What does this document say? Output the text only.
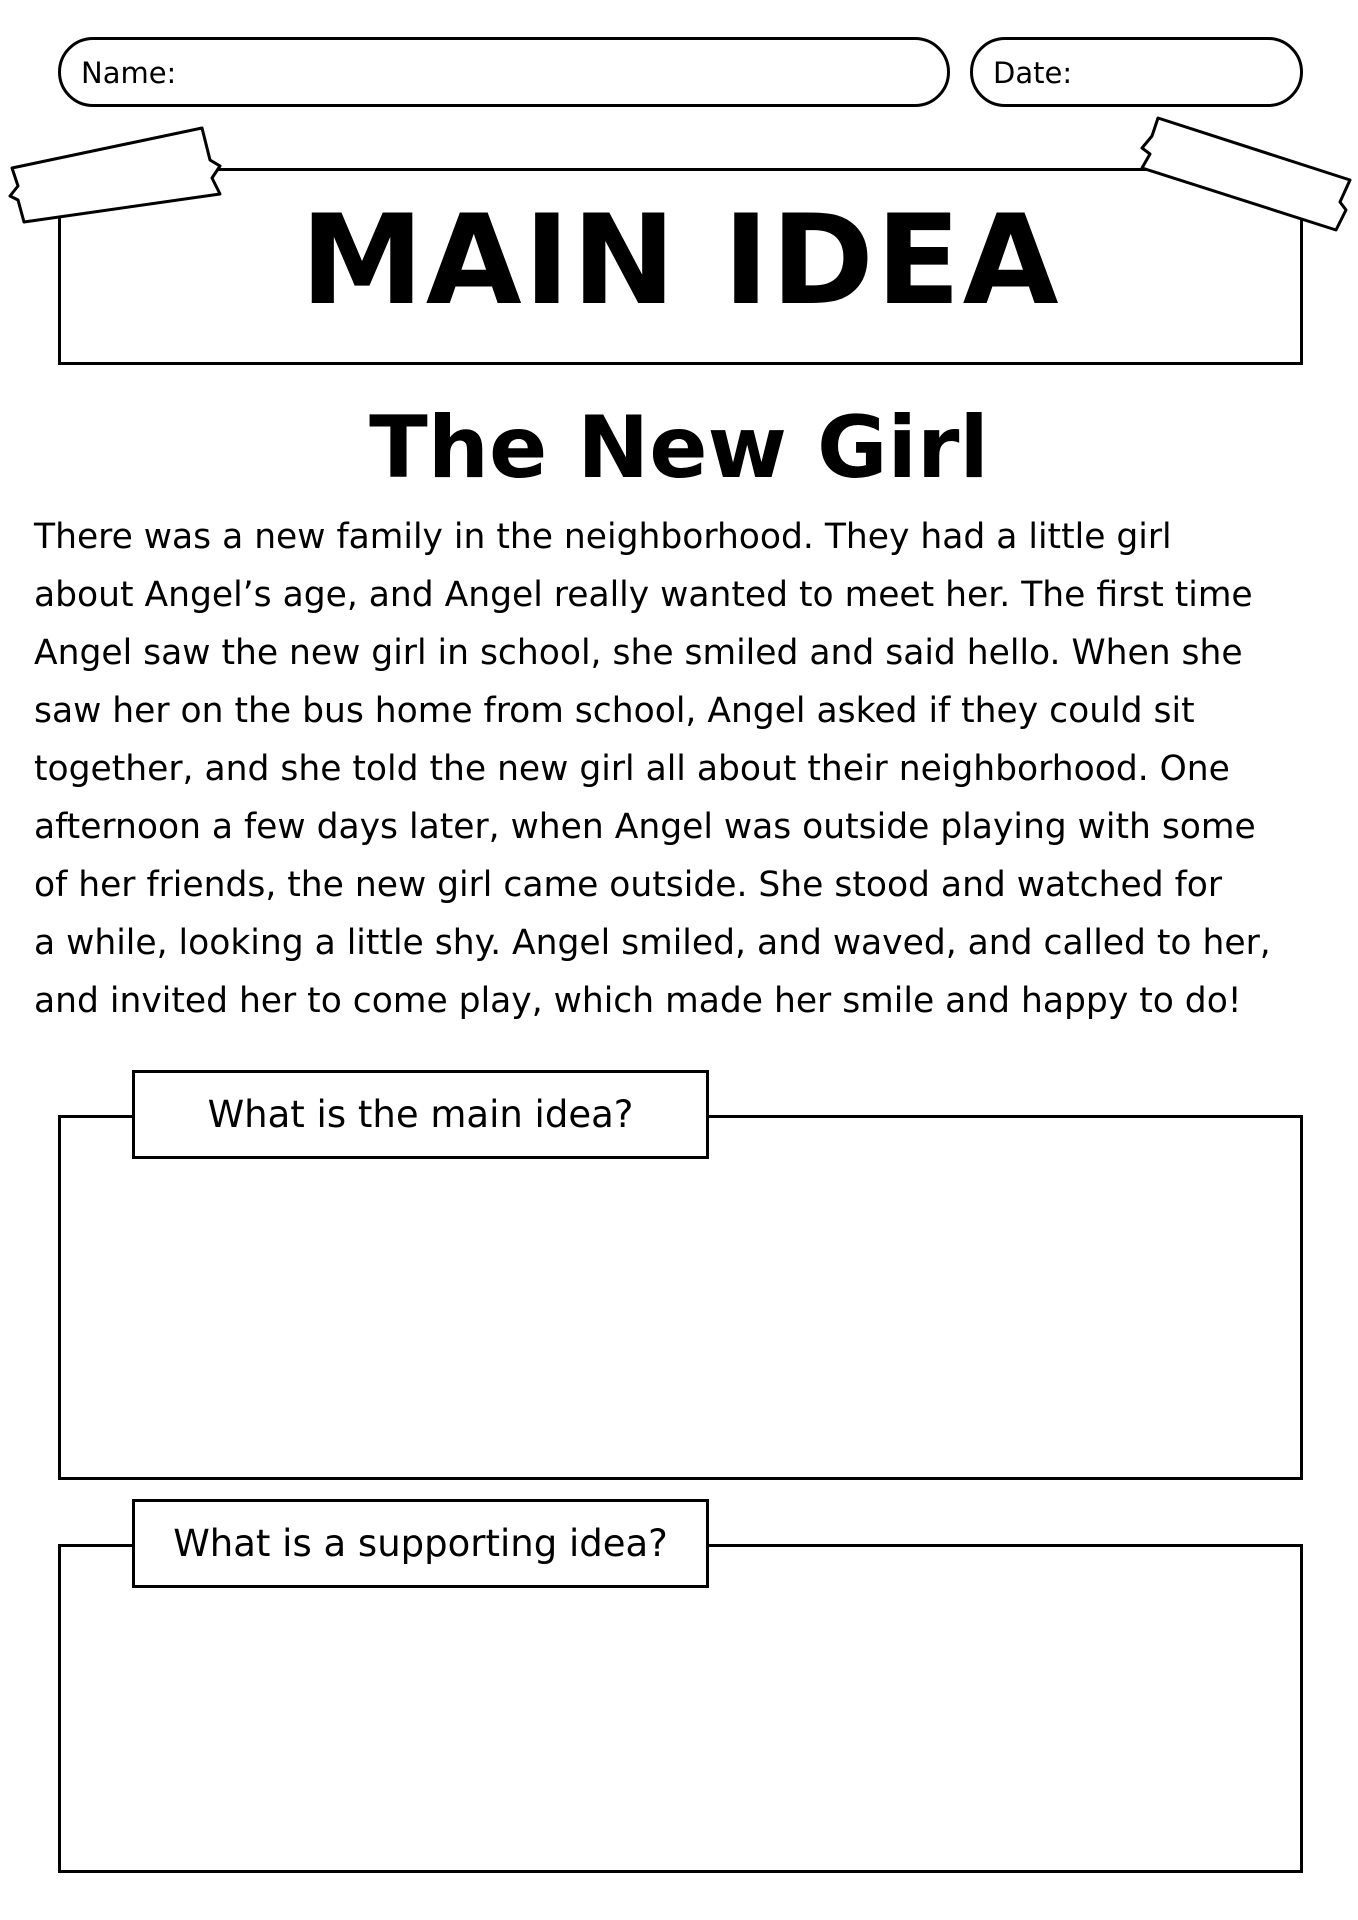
Name:	Date:
MAIN IDEA
The New Girl
There was a new family in the neighborhood. They had a little girl
about Angel’s age, and Angel really wanted to meet her. The first time
Angel saw the new girl in school, she smiled and said hello. When she
saw her on the bus home from school, Angel asked if they could sit
together, and she told the new girl all about their neighborhood. One
afternoon a few days later, when Angel was outside playing with some
of her friends, the new girl came outside. She stood and watched for
a while, looking a little shy. Angel smiled, and waved, and called to her,
and invited her to come play, which made her smile and happy to do!
What is the main idea?
What is a supporting idea?
